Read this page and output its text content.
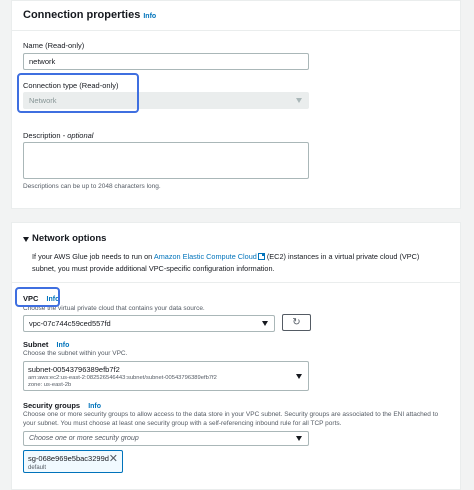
Connection properties Info
Name (Read-only)
network
Connection type (Read-only)
Network
Description - optional
Descriptions can be up to 2048 characters long.
Network options
If your AWS Glue job needs to run on Amazon Elastic Compute Cloud (EC2) instances in a virtual private cloud (VPC) subnet, you must provide additional VPC-specific configuration information.
VPC Info
Choose the virtual private cloud that contains your data source.
vpc-07c744c59ced557fd	↻
Subnet Info
Choose the subnet within your VPC.
subnet-00543796389efb7f2
arn:aws:ec2:us-east-2:082526546443:subnet/subnet-00543796389efb7f2
zone: us-east-2b
Security groups Info
Choose one or more security groups to allow access to the data store in your VPC subnet. Security groups are associated to the ENI attached to your subnet. You must choose at least one security group with a self-referencing inbound rule for all TCP ports.
Choose one or more security group
sg-068e969e5bac3299d
default
✕
